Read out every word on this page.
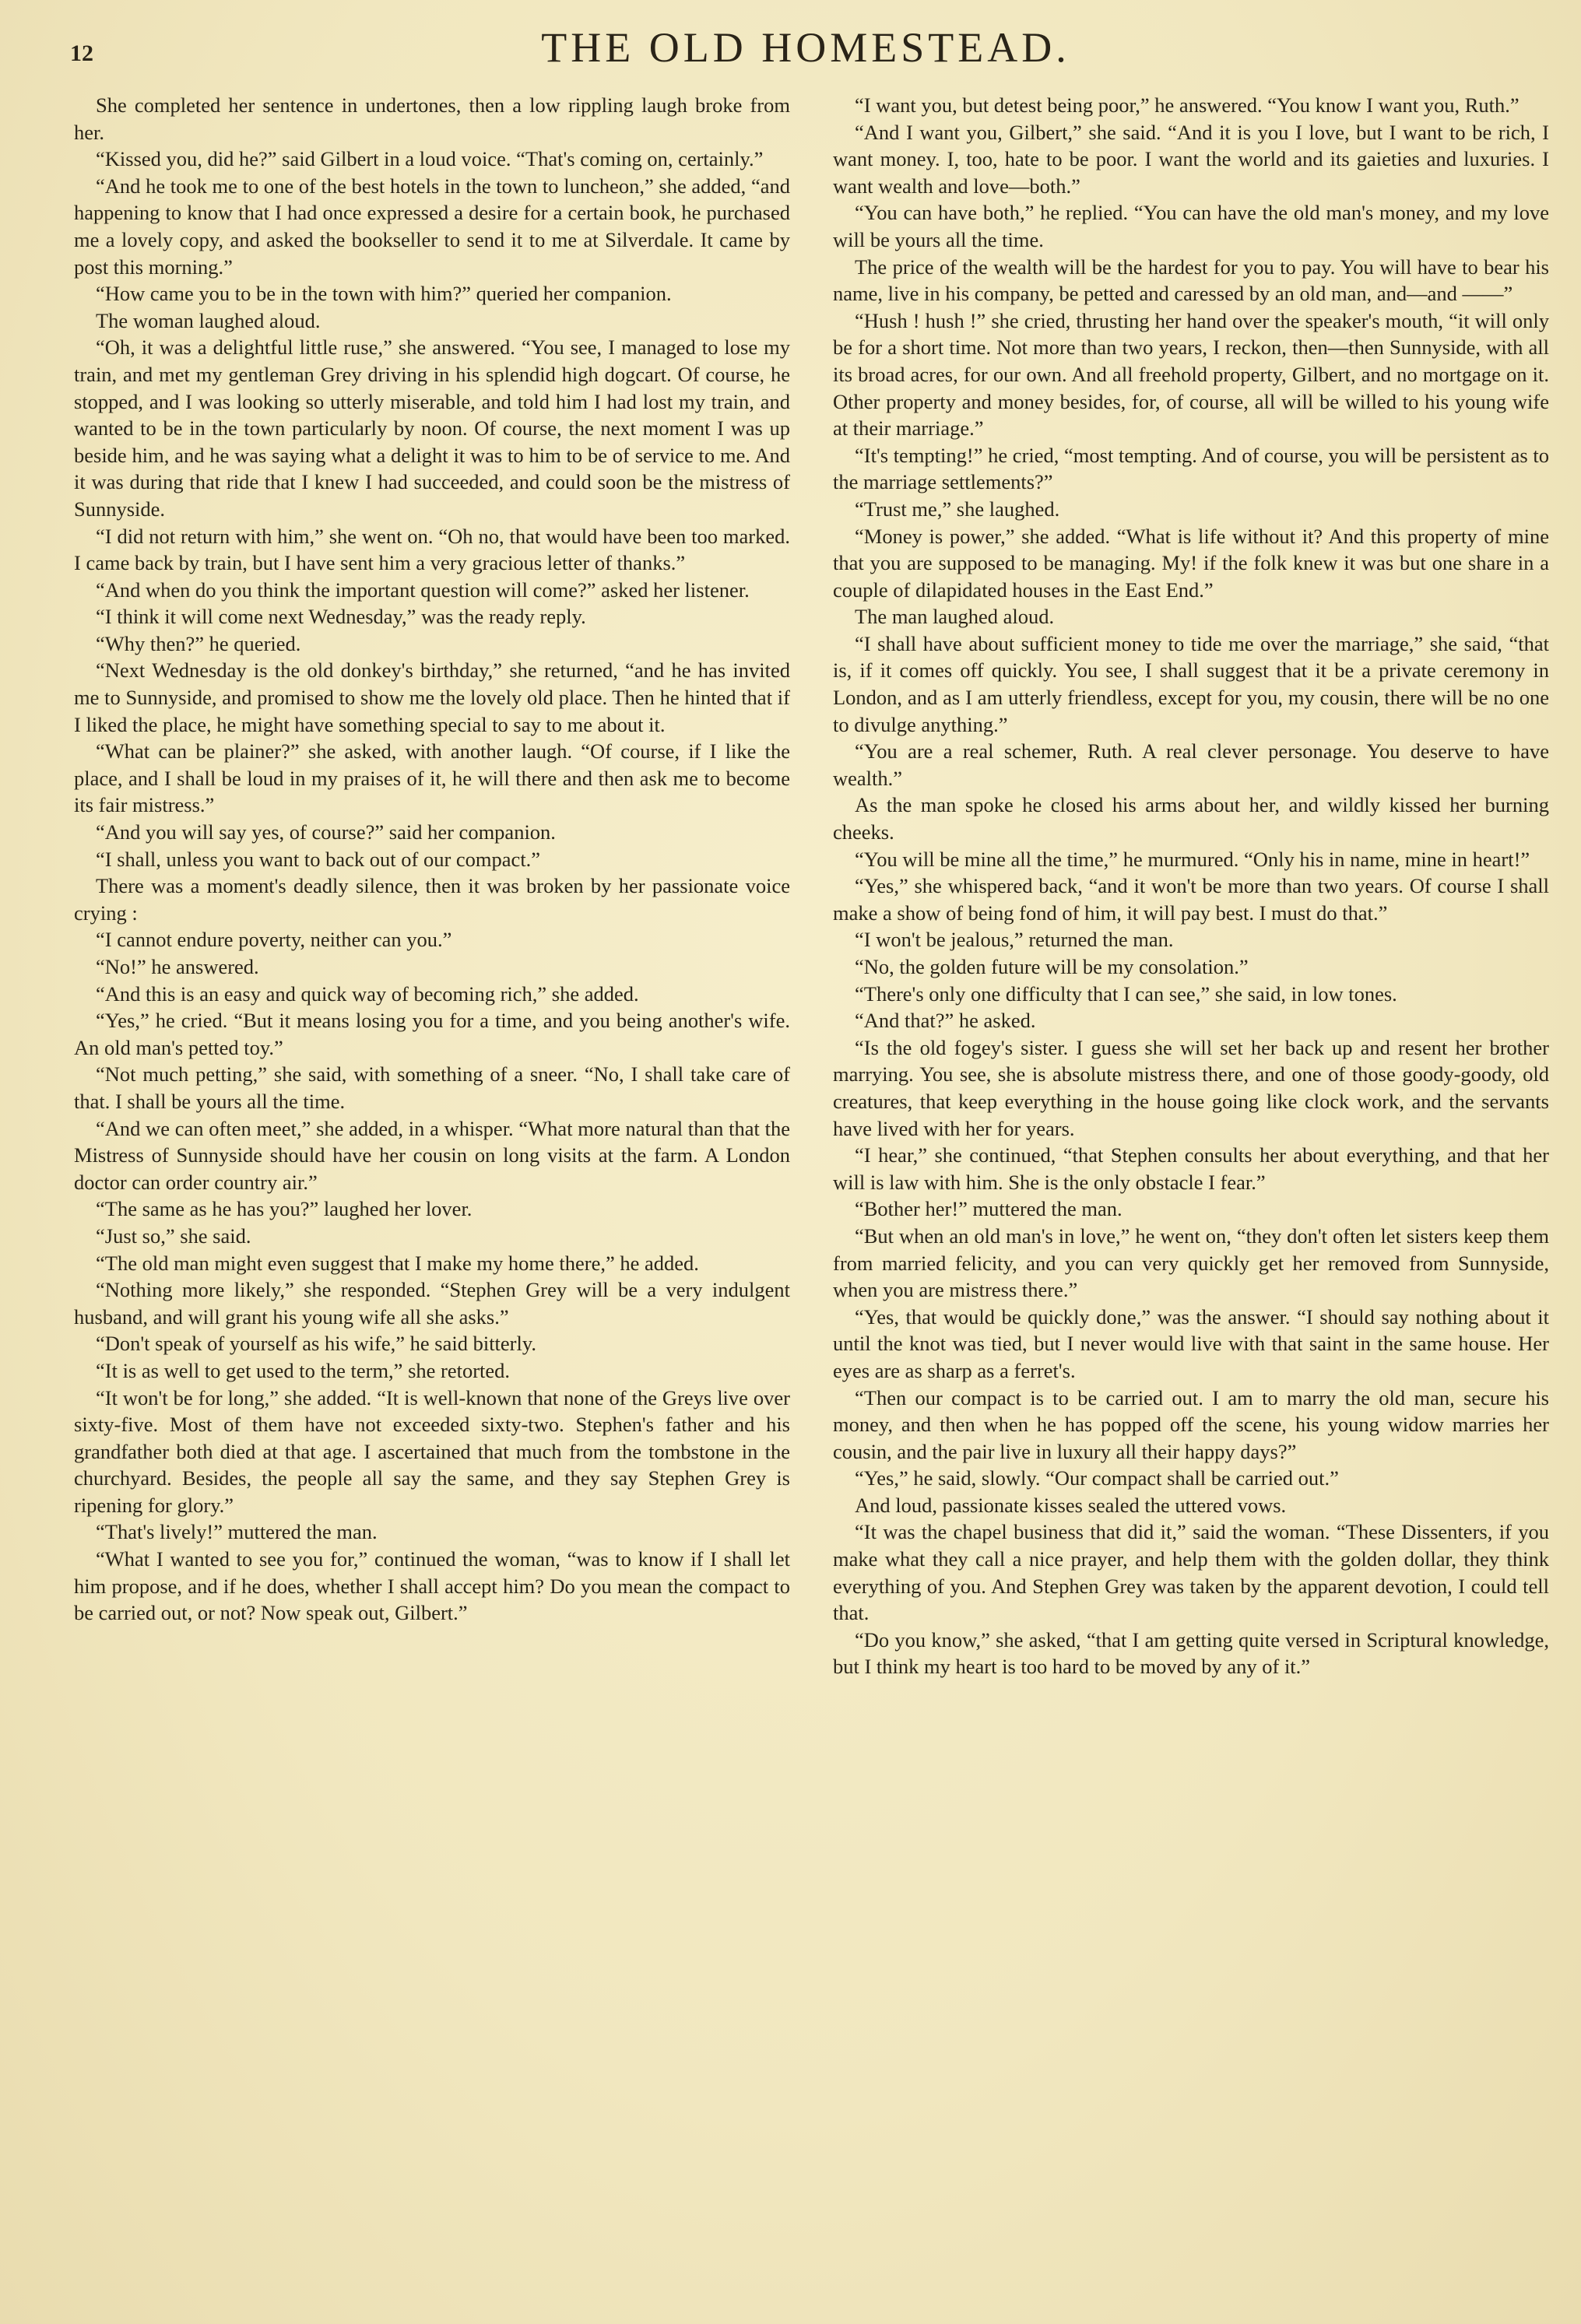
12	THE OLD HOMESTEAD.

She completed her sentence in undertones, then a low rippling laugh broke from her.

“Kissed you, did he?” said Gilbert in a loud voice. “That's coming on, certainly.”

“And he took me to one of the best hotels in the town to luncheon,” she added, “and happening to know that I had once expressed a desire for a certain book, he purchased me a lovely copy, and asked the bookseller to send it to me at Silverdale. It came by post this morning.”

“How came you to be in the town with him?” queried her companion.

The woman laughed aloud.

“Oh, it was a delightful little ruse,” she answered. “You see, I managed to lose my train, and met my gentleman Grey driving in his splendid high dogcart. Of course, he stopped, and I was looking so utterly miserable, and told him I had lost my train, and wanted to be in the town particularly by noon. Of course, the next moment I was up beside him, and he was saying what a delight it was to him to be of service to me. And it was during that ride that I knew I had succeeded, and could soon be the mistress of Sunnyside.

“I did not return with him,” she went on. “Oh no, that would have been too marked. I came back by train, but I have sent him a very gracious letter of thanks.”

“And when do you think the important question will come?” asked her listener.

“I think it will come next Wednesday,” was the ready reply.

“Why then?” he queried.

“Next Wednesday is the old donkey's birthday,” she returned, “and he has invited me to Sunnyside, and promised to show me the lovely old place. Then he hinted that if I liked the place, he might have something special to say to me about it.

“What can be plainer?” she asked, with another laugh. “Of course, if I like the place, and I shall be loud in my praises of it, he will there and then ask me to become its fair mistress.”

“And you will say yes, of course?” said her companion.

“I shall, unless you want to back out of our compact.”

There was a moment's deadly silence, then it was broken by her passionate voice crying :

“I cannot endure poverty, neither can you.”

“No!” he answered.

“And this is an easy and quick way of becoming rich,” she added.

“Yes,” he cried. “But it means losing you for a time, and you being another's wife. An old man's petted toy.”

“Not much petting,” she said, with something of a sneer. “No, I shall take care of that. I shall be yours all the time.

“And we can often meet,” she added, in a whisper. “What more natural than that the Mistress of Sunnyside should have her cousin on long visits at the farm. A London doctor can order country air.”

“The same as he has you?” laughed her lover.

“Just so,” she said.

“The old man might even suggest that I make my home there,” he added.

“Nothing more likely,” she responded. “Stephen Grey will be a very indulgent husband, and will grant his young wife all she asks.”

“Don't speak of yourself as his wife,” he said bitterly.

“It is as well to get used to the term,” she retorted.

“It won't be for long,” she added. “It is well-known that none of the Greys live over sixty-five. Most of them have not exceeded sixty-two. Stephen's father and his grandfather both died at that age. I ascertained that much from the tombstone in the churchyard. Besides, the people all say the same, and they say Stephen Grey is ripening for glory.”

“That's lively!” muttered the man.

“What I wanted to see you for,” continued the woman, “was to know if I shall let him propose, and if he does, whether I shall accept him? Do you mean the compact to be carried out, or not? Now speak out, Gilbert.”

“I want you, but detest being poor,” he answered. “You know I want you, Ruth.”

“And I want you, Gilbert,” she said. “And it is you I love, but I want to be rich, I want money. I, too, hate to be poor. I want the world and its gaieties and luxuries. I want wealth and love—both.”

“You can have both,” he replied. “You can have the old man's money, and my love will be yours all the time.

The price of the wealth will be the hardest for you to pay. You will have to bear his name, live in his company, be petted and caressed by an old man, and—and ——”

“Hush ! hush !” she cried, thrusting her hand over the speaker's mouth, “it will only be for a short time. Not more than two years, I reckon, then—then Sunnyside, with all its broad acres, for our own. And all freehold property, Gilbert, and no mortgage on it. Other property and money besides, for, of course, all will be willed to his young wife at their marriage.”

“It's tempting!” he cried, “most tempting. And of course, you will be persistent as to the marriage settlements?”

“Trust me,” she laughed.

“Money is power,” she added. “What is life without it? And this property of mine that you are supposed to be managing. My! if the folk knew it was but one share in a couple of dilapidated houses in the East End.”

The man laughed aloud.

“I shall have about sufficient money to tide me over the marriage,” she said, “that is, if it comes off quickly. You see, I shall suggest that it be a private ceremony in London, and as I am utterly friendless, except for you, my cousin, there will be no one to divulge anything.”

“You are a real schemer, Ruth. A real clever personage. You deserve to have wealth.”

As the man spoke he closed his arms about her, and wildly kissed her burning cheeks.

“You will be mine all the time,” he murmured. “Only his in name, mine in heart!”

“Yes,” she whispered back, “and it won't be more than two years. Of course I shall make a show of being fond of him, it will pay best. I must do that.”

“I won't be jealous,” returned the man.

“No, the golden future will be my consolation.”

“There's only one difficulty that I can see,” she said, in low tones.

“And that?” he asked.

“Is the old fogey's sister. I guess she will set her back up and resent her brother marrying. You see, she is absolute mistress there, and one of those goody-goody, old creatures, that keep everything in the house going like clock work, and the servants have lived with her for years.

“I hear,” she continued, “that Stephen consults her about everything, and that her will is law with him. She is the only obstacle I fear.”

“Bother her!” muttered the man.

“But when an old man's in love,” he went on, “they don't often let sisters keep them from married felicity, and you can very quickly get her removed from Sunnyside, when you are mistress there.”

“Yes, that would be quickly done,” was the answer. “I should say nothing about it until the knot was tied, but I never would live with that saint in the same house. Her eyes are as sharp as a ferret's.

“Then our compact is to be carried out. I am to marry the old man, secure his money, and then when he has popped off the scene, his young widow marries her cousin, and the pair live in luxury all their happy days?”

“Yes,” he said, slowly. “Our compact shall be carried out.”

And loud, passionate kisses sealed the uttered vows.

“It was the chapel business that did it,” said the woman. “These Dissenters, if you make what they call a nice prayer, and help them with the golden dollar, they think everything of you. And Stephen Grey was taken by the apparent devotion, I could tell that.

“Do you know,” she asked, “that I am getting quite versed in Scriptural knowledge, but I think my heart is too hard to be moved by any of it.”
